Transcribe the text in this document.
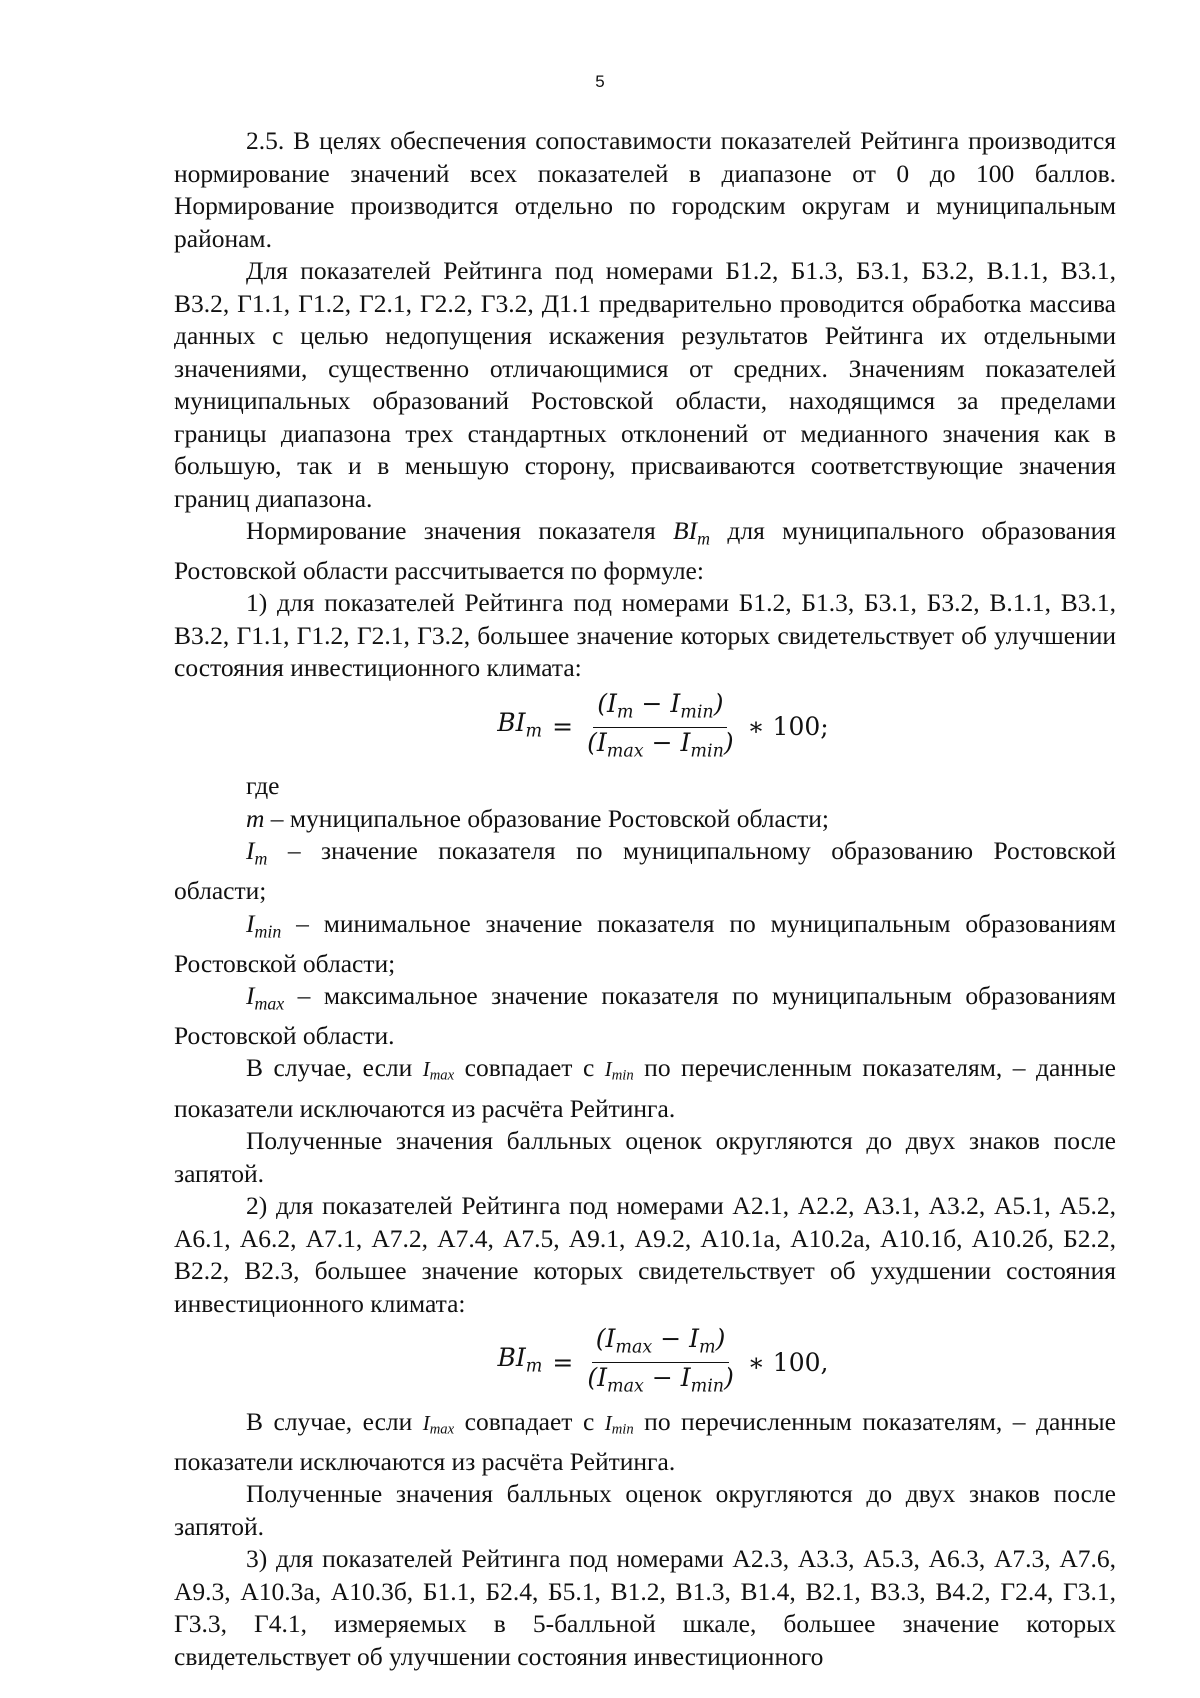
5

2.5. В целях обеспечения сопоставимости показателей Рейтинга производится нормирование значений всех показателей в диапазоне от 0 до 100 баллов. Нормирование производится отдельно по городским округам и муниципальным районам.

Для показателей Рейтинга под номерами Б1.2, Б1.3, Б3.1, Б3.2, В.1.1, В3.1, В3.2, Г1.1, Г1.2, Г2.1, Г2.2, Г3.2, Д1.1 предварительно проводится обработка массива данных с целью недопущения искажения результатов Рейтинга их отдельными значениями, существенно отличающимися от средних. Значениям показателей муниципальных образований Ростовской области, находящимся за пределами границы диапазона трех стандартных отклонений от медианного значения как в большую, так и в меньшую сторону, присваиваются соответствующие значения границ диапазона.

Нормирование значения показателя $BI_m$ для муниципального образования Ростовской области рассчитывается по формуле:

1) для показателей Рейтинга под номерами Б1.2, Б1.3, Б3.1, Б3.2, В.1.1, В3.1, В3.2, Г1.1, Г1.2, Г2.1, Г3.2, большее значение которых свидетельствует об улучшении состояния инвестиционного климата:

$BI_m = \frac{(I_m - I_{min})}{(I_{max} - I_{min})}$ ∗ 100;

где

m – муниципальное образование Ростовской области;

$I_m$ – значение показателя по муниципальному образованию Ростовской области;

$I_{min}$ – минимальное значение показателя по муниципальным образованиям Ростовской области;

$I_{max}$ – максимальное значение показателя по муниципальным образованиям Ростовской области.

В случае, если $I_{max}$ совпадает с $I_{min}$ по перечисленным показателям, – данные показатели исключаются из расчёта Рейтинга.

Полученные значения балльных оценок округляются до двух знаков после запятой.

2) для показателей Рейтинга под номерами А2.1, А2.2, А3.1, А3.2, А5.1, А5.2, А6.1, А6.2, А7.1, А7.2, А7.4, А7.5, А9.1, А9.2, А10.1а, А10.2а, А10.1б, А10.2б, Б2.2, В2.2, В2.3, большее значение которых свидетельствует об ухудшении состояния инвестиционного климата:

$BI_m = \frac{(I_{max} - I_m)}{(I_{max} - I_{min})}$ ∗ 100,

В случае, если $I_{max}$ совпадает с $I_{min}$ по перечисленным показателям, – данные показатели исключаются из расчёта Рейтинга.

Полученные значения балльных оценок округляются до двух знаков после запятой.

3) для показателей Рейтинга под номерами А2.3, А3.3, А5.3, А6.3, А7.3, А7.6, А9.3, А10.3а, А10.3б, Б1.1, Б2.4, Б5.1, В1.2, В1.3, В1.4, В2.1, В3.3, В4.2, Г2.4, Г3.1, Г3.3, Г4.1, измеряемых в 5-балльной шкале, большее значение которых свидетельствует об улучшении состояния инвестиционного
